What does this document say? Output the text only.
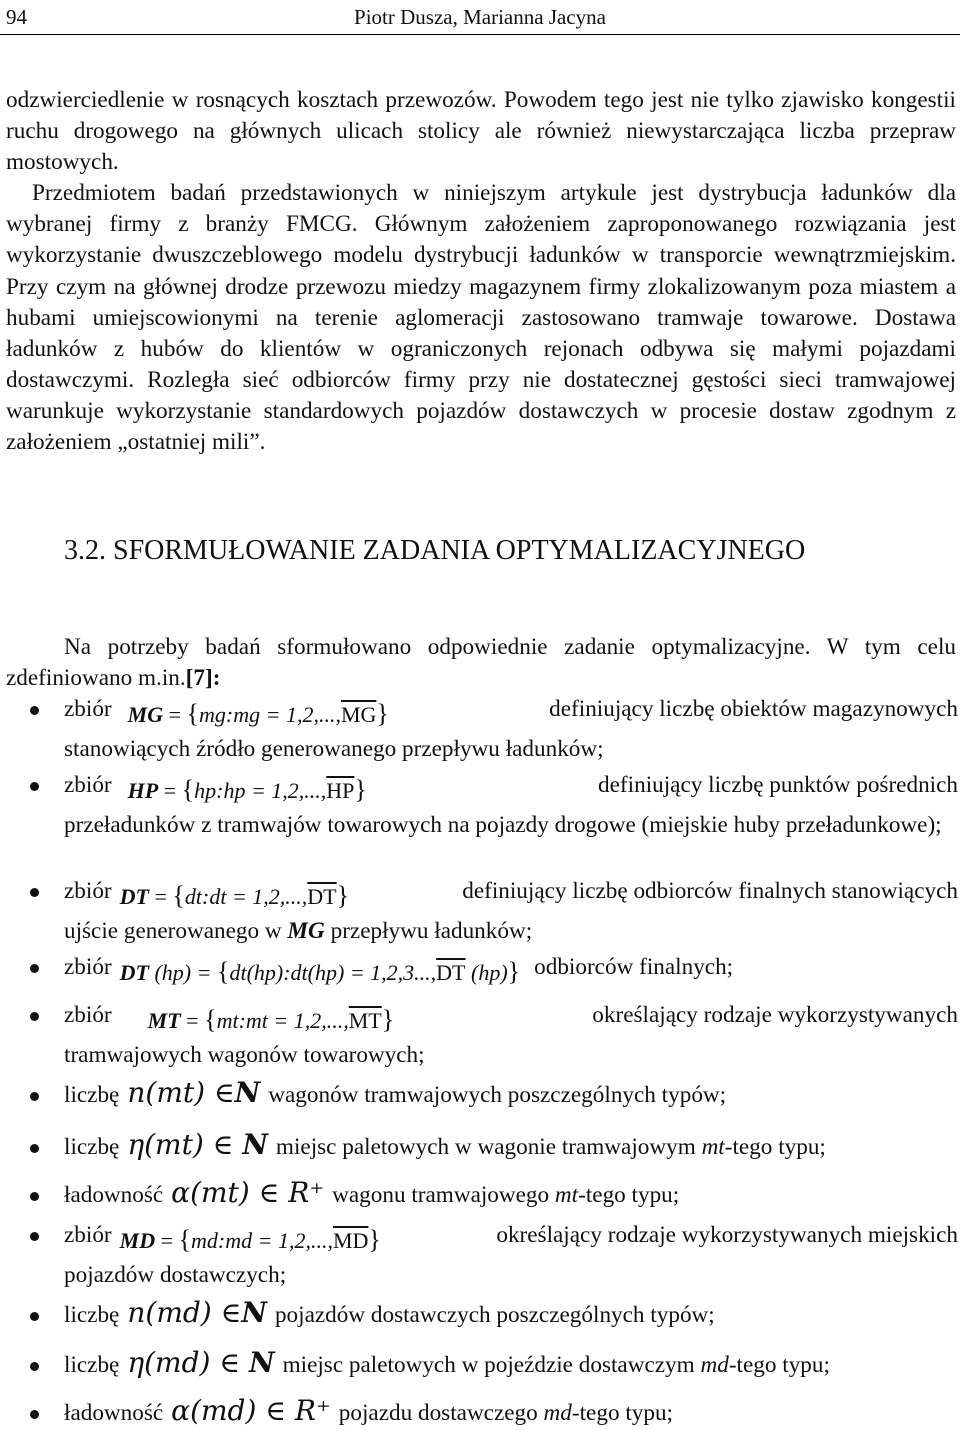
94	Piotr Dusza, Marianna Jacyna

odzwierciedlenie w rosnących kosztach przewozów. Powodem tego jest nie tylko zjawisko kongestii ruchu drogowego na głównych ulicach stolicy ale również niewystarczająca liczba przepraw mostowych.
Przedmiotem badań przedstawionych w niniejszym artykule jest dystrybucja ładunków dla wybranej firmy z branży FMCG. Głównym założeniem zaproponowanego rozwiązania jest wykorzystanie dwuszczeblowego modelu dystrybucji ładunków w transporcie wewnątrzmiejskim. Przy czym na głównej drodze przewozu miedzy magazynem firmy zlokalizowanym poza miastem a hubami umiejscowionymi na terenie aglomeracji zastosowano tramwaje towarowe. Dostawa ładunków z hubów do klientów w ograniczonych rejonach odbywa się małymi pojazdami dostawczymi. Rozległa sieć odbiorców firmy przy nie dostatecznej gęstości sieci tramwajowej warunkuje wykorzystanie standardowych pojazdów dostawczych w procesie dostaw zgodnym z założeniem „ostatniej mili”.

3.2. SFORMUŁOWANIE ZADANIA OPTYMALIZACYJNEGO

Na potrzeby badań sformułowano odpowiednie zadanie optymalizacyjne. W tym celu zdefiniowano m.in.[7]:

zbiór MG = {mg:mg = $1,2,...,\overline{MG}$}	definiujący liczbę obiektów magazynowych
stanowiących źródło generowanego przepływu ładunków;
zbiór HP = {hp:hp = $1,2,...,\overline{HP}$}	definiujący liczbę punktów pośrednich
przeładunków z tramwajów towarowych na pojazdy drogowe (miejskie huby przeładunkowe);
zbiór DT = {dt:dt = $1,2,...,\overline{DT}$}	definiujący liczbę odbiorców finalnych stanowiących
ujście generowanego w MG przepływu ładunków;
zbiór DT (hp) = {dt(hp):dt(hp) = $1,2,3...,\overline{DT}$ (hp)} odbiorców finalnych;
zbiór MT = {mt:mt = $1,2,...,\overline{MT}$}	określający rodzaje wykorzystywanych
tramwajowych wagonów towarowych;
liczbę n(mt) ∈N wagonów tramwajowych poszczególnych typów;
liczbę η(mt) ∈ N miejsc paletowych w wagonie tramwajowym mt-tego typu;
ładowność α(mt) ∈ R⁺ wagonu tramwajowego mt-tego typu;
zbiór MD = {md:md = $1,2,...,\overline{MD}$}	określający rodzaje wykorzystywanych miejskich
pojazdów dostawczych;
liczbę n(md) ∈N pojazdów dostawczych poszczególnych typów;
liczbę η(md) ∈ N miejsc paletowych w pojeździe dostawczym md-tego typu;
ładowność α(md) ∈ R⁺ pojazdu dostawczego md-tego typu;
